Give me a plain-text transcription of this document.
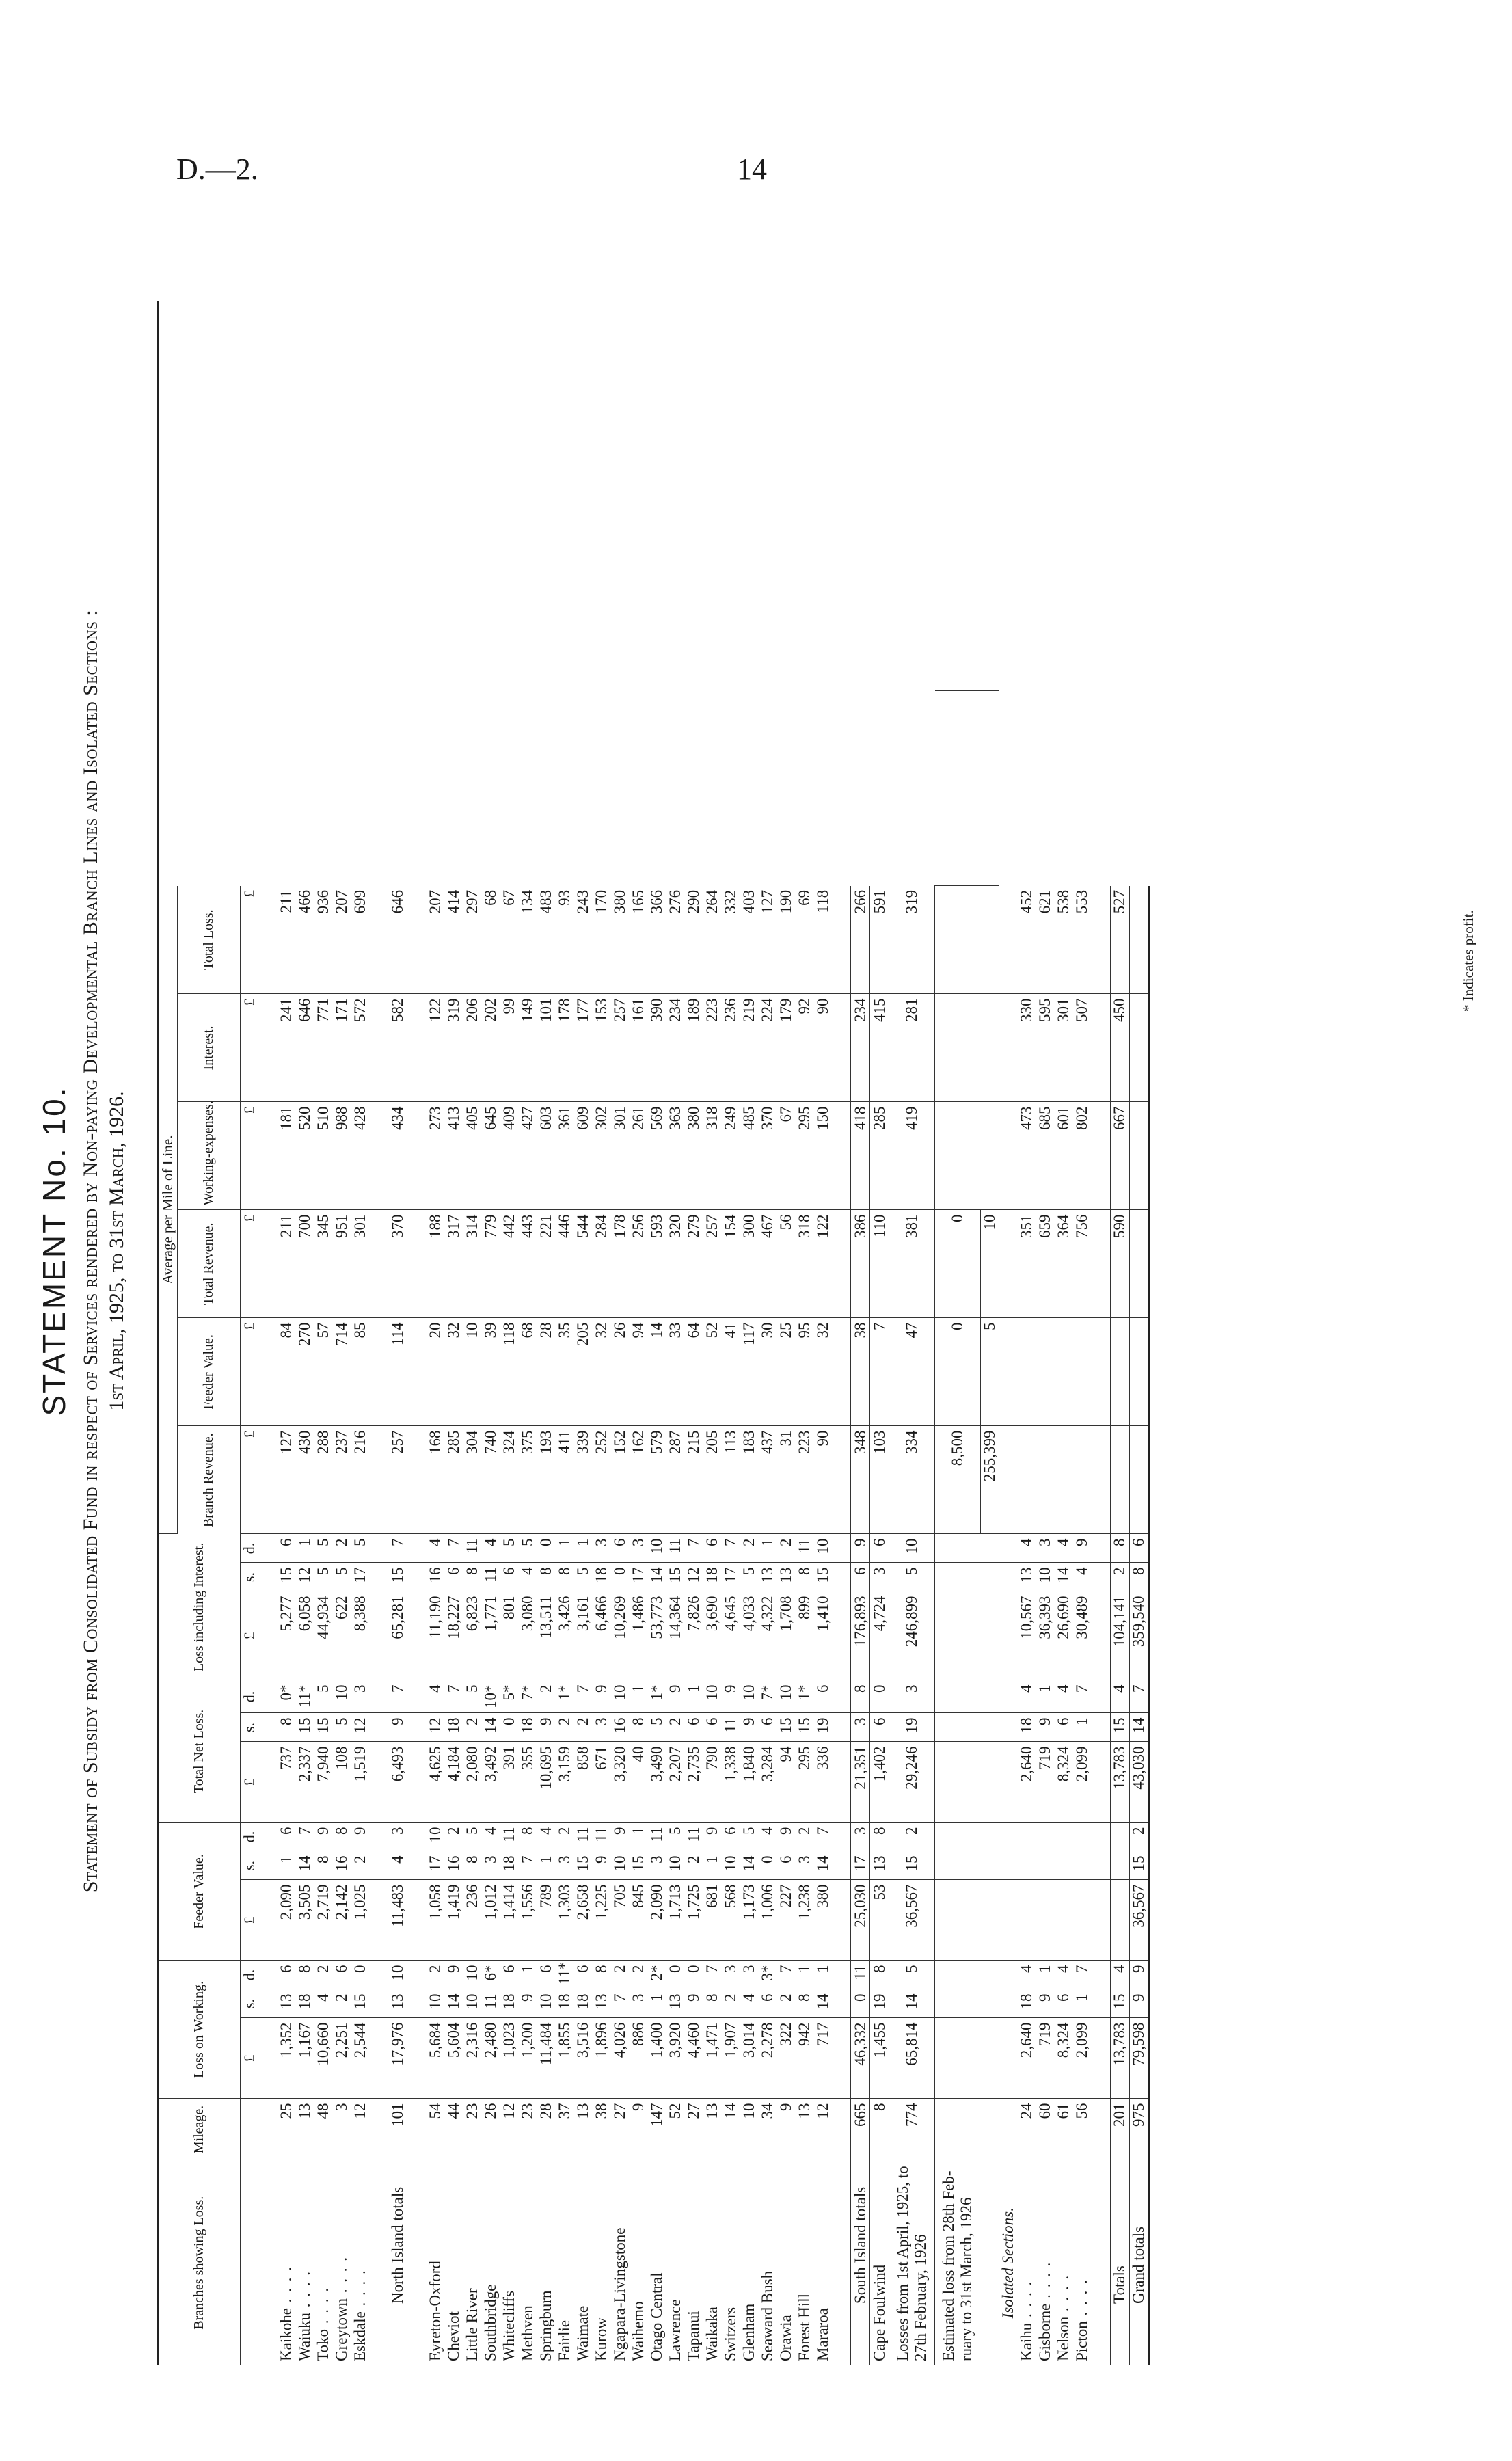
D.—2.	14
STATEMENT No. 10. Statement of Subsidy from Consolidated Fund in respect of Services rendered by Non-paying Developmental Branch Lines and Isolated Sections : 1st April, 1925, to 31st March, 1926.
Branches showing Loss.	Mileage.	Loss on Working.			Feeder Value.			Total Net Loss.			Loss including Interest.			Average per Mile of Line.								
														Branch Revenue.	Feeder Value.	Total Revenue.	Working-expenses.	Interest.	Total Loss.			
		£	s.	d.	£	s.	d.	£	s.	d.	£	s.	d.	£	£	£	£	£	£			

Kaikohe . . . .	25	1,352	13	6	2,090	1	6	737	8	0*	5,277	15	6	127	84	211	181	241	211			
Waiuku . . . .	13	1,167	18	8	3,505	14	7	2,337	15	11*	6,058	12	1	430	270	700	520	646	466			
Toko . . . .	48	10,660	4	2	2,719	8	9	7,940	15	5	44,934	5	5	288	57	345	510	771	936			
Greytown . . . .	3	2,251	2	6	2,142	16	8	108	5	10	622	5	2	237	714	951	988	171	207			
Eskdale . . . .	12	2,544	15	0	1,025	2	9	1,519	12	3	8,388	17	5	216	85	301	428	572	699			

North Island totals	101	17,976	13	10	11,483	4	3	6,493	9	7	65,281	15	7	257	114	370	434	582	646			

Eyreton-Oxford	54	5,684	10	2	1,058	17	10	4,625	12	4	11,190	16	4	168	20	188	273	122	207			
Cheviot	44	5,604	14	9	1,419	16	2	4,184	18	7	18,227	6	7	285	32	317	413	319	414			
Little River	23	2,316	10	10	236	8	5	2,080	2	5	6,823	8	11	304	10	314	405	206	297			
Southbridge	26	2,480	11	6*	1,012	3	4	3,492	14	10*	1,771	11	4	740	39	779	645	202	68			
Whitecliffs	12	1,023	18	6	1,414	18	11	391	0	5*	801	6	5	324	118	442	409	99	67			
Methven	23	1,200	9	1	1,556	7	8	355	18	7*	3,080	4	5	375	68	443	427	149	134			
Springburn	28	11,484	10	6	789	1	4	10,695	9	2	13,511	8	0	193	28	221	603	101	483			
Fairlie	37	1,855	18	11*	1,303	3	2	3,159	2	1*	3,426	8	1	411	35	446	361	178	93			
Waimate	13	3,516	18	6	2,658	15	11	858	2	7	3,161	5	1	339	205	544	609	177	243			
Kurow	38	1,896	13	8	1,225	9	11	671	3	9	6,466	18	3	252	32	284	302	153	170			
Ngapara-Livingstone	27	4,026	7	2	705	10	9	3,320	16	10	10,269	0	6	152	26	178	301	257	380			
Waihemo	9	886	3	2	845	15	1	40	8	1	1,486	17	3	162	94	256	261	161	165			
Otago Central	147	1,400	1	2*	2,090	3	11	3,490	5	1*	53,773	14	10	579	14	593	569	390	366			
Lawrence	52	3,920	13	0	1,713	10	5	2,207	2	9	14,364	15	11	287	33	320	363	234	276			
Tapanui	27	4,460	9	0	1,725	2	11	2,735	6	1	7,826	12	7	215	64	279	380	189	290			
Waikaka	13	1,471	8	7	681	1	9	790	6	10	3,690	18	6	205	52	257	318	223	264			
Switzers	14	1,907	2	3	568	10	6	1,338	11	9	4,645	17	7	113	41	154	249	236	332			
Glenham	10	3,014	4	3	1,173	14	5	1,840	9	10	4,033	5	2	183	117	300	485	219	403			
Seaward Bush	34	2,278	6	3*	1,006	0	4	3,284	6	7*	4,322	13	1	437	30	467	370	224	127			
Orawia	9	322	2	7	227	6	9	94	15	10	1,708	13	2	31	25	56	67	179	190			
Forest Hill	13	942	8	1	1,238	3	2	295	15	1*	899	8	11	223	95	318	295	92	69			
Mararoa	12	717	14	1	380	14	7	336	19	6	1,410	15	10	90	32	122	150	90	118			

South Island totals	665	46,332	0	11	25,030	17	3	21,351	3	8	176,893	6	9	348	38	386	418	234	266			
Cape Foulwind	8	1,455	19	8	53	13	8	1,402	6	0	4,724	3	6	103	7	110	285	415	591			
Losses from 1st April, 1925, to
27th February, 1926	774	65,814	14	5	36,567	15	2	29,246	19	3	246,899	5	10	334	47	381	419	281	319			
Estimated loss from 28th Feb-
ruary to 31st March, 1926														8,500	0	0						
														255,399	5	10						
Isolated Sections.																						
Kaihu . . . .	24	2,640	18	4				2,640	18	4	10,567	13	4			351	473	330	452			
Gisborne . . . .	60	719	9	1				719	9	1	36,393	10	3			659	685	595	621			
Nelson . . . .	61	8,324	6	4				8,324	6	4	26,690	14	4			364	601	301	538			
Picton . . . .	56	2,099	1	7				2,099	1	7	30,489	4	9			756	802	507	553			

Totals	201	13,783	15	4				13,783	15	4	104,141	2	8			590	667	450	527			
Grand totals	975	79,598	9	9	36,567	15	2	43,030	14	7	359,540	8	6									
* Indicates profit.
